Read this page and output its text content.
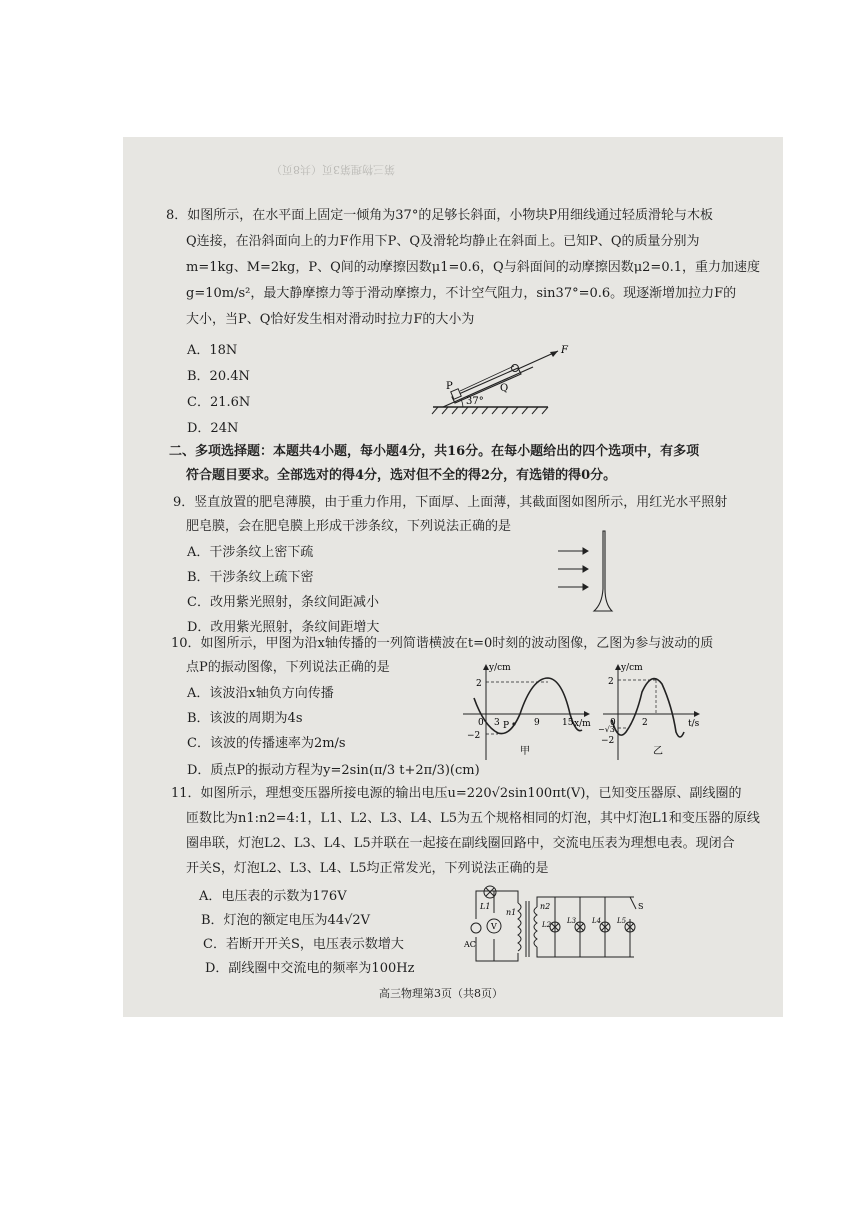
第三物理第3页（共8页）
8．如图所示，在水平面上固定一倾角为37°的足够长斜面，小物块P用细线通过轻质滑轮与木板
Q连接，在沿斜面向上的力F作用下P、Q及滑轮均静止在斜面上。已知P、Q的质量分别为
m=1kg、M=2kg，P、Q间的动摩擦因数μ1=0.6，Q与斜面间的动摩擦因数μ2=0.1，重力加速度
g=10m/s²，最大静摩擦力等于滑动摩擦力，不计空气阻力，sin37°=0.6。现逐渐增加拉力F的
大小，当P、Q恰好发生相对滑动时拉力F的大小为
A．18N
B．20.4N
C．21.6N
D．24N
F
P	Q
37°
二、多项选择题：本题共4小题，每小题4分，共16分。在每小题给出的四个选项中，有多项
符合题目要求。全部选对的得4分，选对但不全的得2分，有选错的得0分。
9．竖直放置的肥皂薄膜，由于重力作用，下面厚、上面薄，其截面图如图所示，用红光水平照射
肥皂膜，会在肥皂膜上形成干涉条纹，下列说法正确的是
A．干涉条纹上密下疏
B．干涉条纹上疏下密
C．改用紫光照射，条纹间距减小
D．改用紫光照射，条纹间距增大
10．如图所示，甲图为沿x轴传播的一列简谐横波在t=0时刻的波动图像，乙图为参与波动的质
点P的振动图像，下列说法正确的是
A．该波沿x轴负方向传播
B．该波的周期为4s
C．该波的传播速率为2m/s
D．质点P的振动方程为y=2sin(π/3 t+2π/3)(cm)
y/cm
x/m
2
0
−2
3	9 15
P
甲
y/cm
t/s
2
0
−√3
−2
2
乙
11．如图所示，理想变压器所接电源的输出电压u=220√2sin100πt(V)，已知变压器原、副线圈的
匝数比为n1:n2=4:1，L1、L2、L3、L4、L5为五个规格相同的灯泡，其中灯泡L1和变压器的原线
圈串联，灯泡L2、L3、L4、L5并联在一起接在副线圈回路中，交流电压表为理想电表。现闭合
开关S，灯泡L2、L3、L4、L5均正常发光，下列说法正确的是
A．电压表的示数为176V
B．灯泡的额定电压为44√2V
C．若断开开关S，电压表示数增大
D．副线圈中交流电的频率为100Hz
L1
n1
n2
AC
V
S
L2 L3 L4 L5
高三物理第3页（共8页）
